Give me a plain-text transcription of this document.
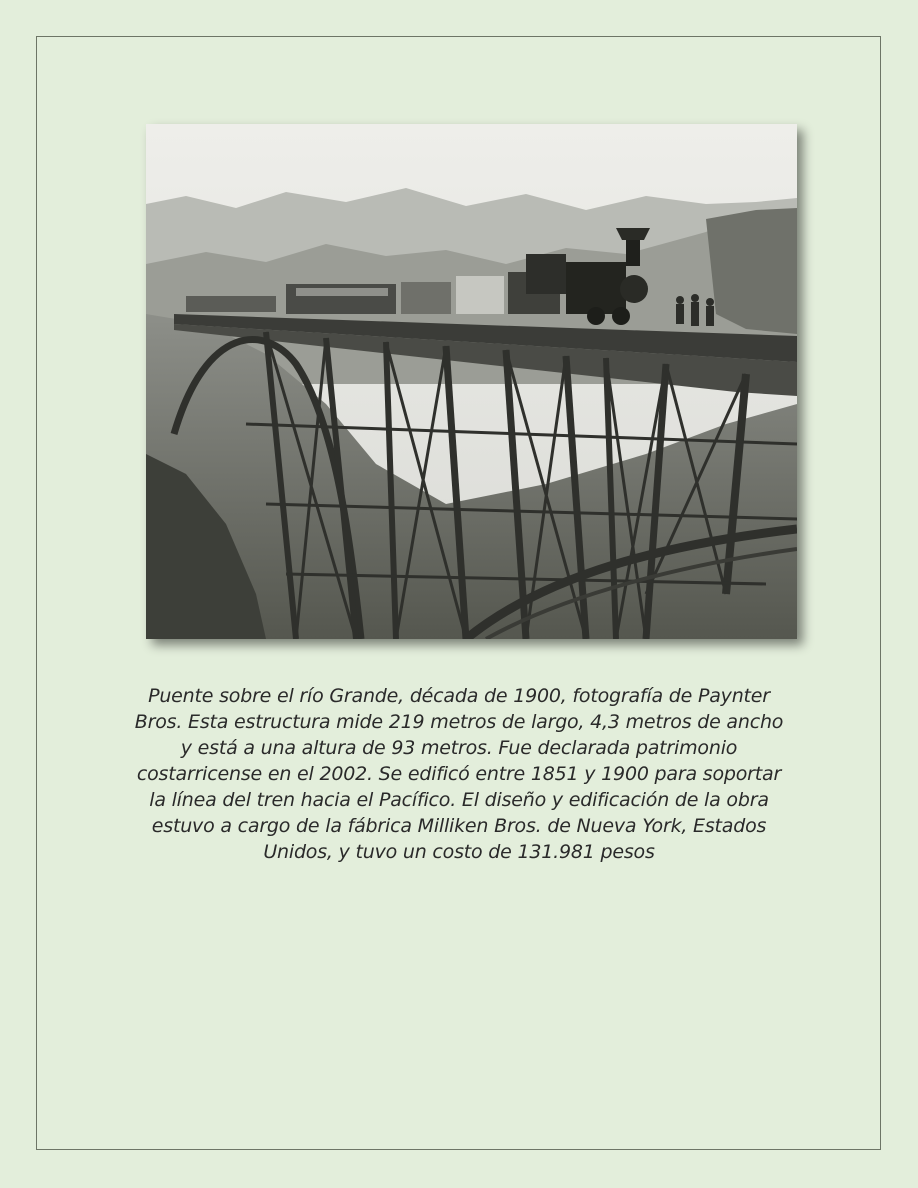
Puente sobre el río Grande, década de 1900, fotografía de Paynter Bros. Esta estructura mide 219 metros de largo, 4,3 metros de ancho y está a una altura de 93 metros. Fue declarada patrimonio costarricense en el 2002. Se edificó entre 1851 y 1900 para soportar la línea del tren hacia el Pacífico. El diseño y edificación de la obra estuvo a cargo de la fábrica Milliken Bros. de Nueva York, Estados Unidos, y tuvo un costo de 131.981 pesos
